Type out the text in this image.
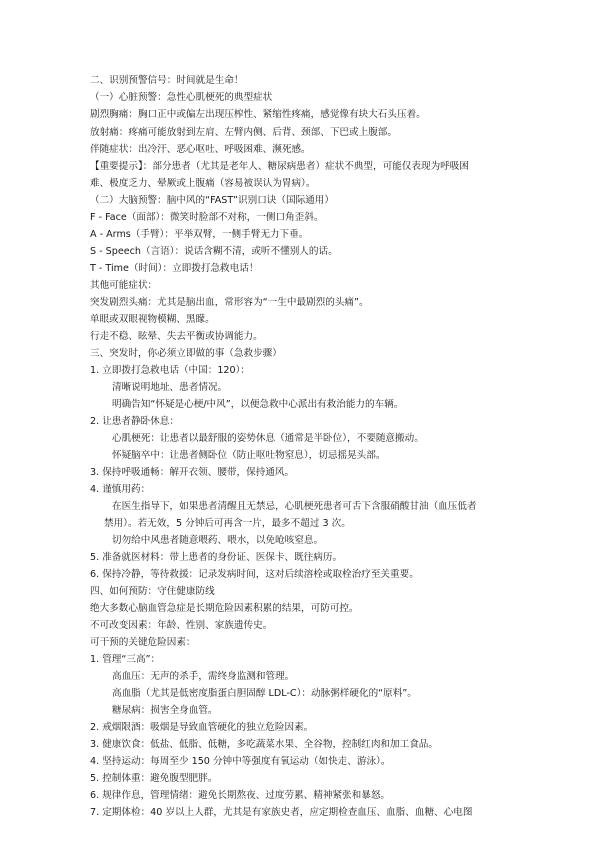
二、识别预警信号：时间就是生命！
（一）心脏预警：急性心肌梗死的典型症状
剧烈胸痛：胸口正中或偏左出现压榨性、紧缩性疼痛，感觉像有块大石头压着。
放射痛：疼痛可能放射到左肩、左臂内侧、后背、颈部、下巴或上腹部。
伴随症状：出冷汗、恶心呕吐、呼吸困难、濒死感。
【重要提示】：部分患者（尤其是老年人、糖尿病患者）症状不典型，可能仅表现为呼吸困
难、极度乏力、晕厥或上腹痛（容易被误认为胃病）。
（二）大脑预警：脑中风的“FAST”识别口诀（国际通用）
F - Face（面部）：微笑时脸部不对称，一侧口角歪斜。
A - Arms（手臂）：平举双臂，一侧手臂无力下垂。
S - Speech（言语）：说话含糊不清，或听不懂别人的话。
T - Time（时间）：立即拨打急救电话！
其他可能症状：
突发剧烈头痛：尤其是脑出血，常形容为“一生中最剧烈的头痛”。
单眼或双眼视物模糊、黑矇。
行走不稳、眩晕、失去平衡或协调能力。
三、突发时，你必须立即做的事（急救步骤）
1. 立即拨打急救电话（中国：120）：
清晰说明地址、患者情况。
明确告知“怀疑是心梗/中风”，以便急救中心派出有救治能力的车辆。
2. 让患者静卧休息：
心肌梗死：让患者以最舒服的姿势休息（通常是半卧位），不要随意搬动。
怀疑脑卒中：让患者侧卧位（防止呕吐物窒息），切忌摇晃头部。
3. 保持呼吸通畅：解开衣领、腰带，保持通风。
4. 谨慎用药：
在医生指导下，如果患者清醒且无禁忌，心肌梗死患者可舌下含服硝酸甘油（血压低者
禁用）。若无效，5 分钟后可再含一片，最多不超过 3 次。
切勿给中风患者随意喂药、喂水，以免呛咳窒息。
5. 准备就医材料：带上患者的身份证、医保卡、既往病历。
6. 保持冷静，等待救援：记录发病时间，这对后续溶栓或取栓治疗至关重要。
四、如何预防：守住健康防线
绝大多数心脑血管急症是长期危险因素积累的结果，可防可控。
不可改变因素：年龄、性别、家族遗传史。
可干预的关键危险因素：
1. 管理“三高”：
高血压：无声的杀手，需终身监测和管理。
高血脂（尤其是低密度脂蛋白胆固醇 LDL-C）：动脉粥样硬化的“原料”。
糖尿病：损害全身血管。
2. 戒烟限酒：吸烟是导致血管硬化的独立危险因素。
3. 健康饮食：低盐、低脂、低糖，多吃蔬菜水果、全谷物，控制红肉和加工食品。
4. 坚持运动：每周至少 150 分钟中等强度有氧运动（如快走、游泳）。
5. 控制体重：避免腹型肥胖。
6. 规律作息，管理情绪：避免长期熬夜、过度劳累、精神紧张和暴怒。
7. 定期体检：40 岁以上人群，尤其是有家族史者，应定期检查血压、血脂、血糖、心电图
